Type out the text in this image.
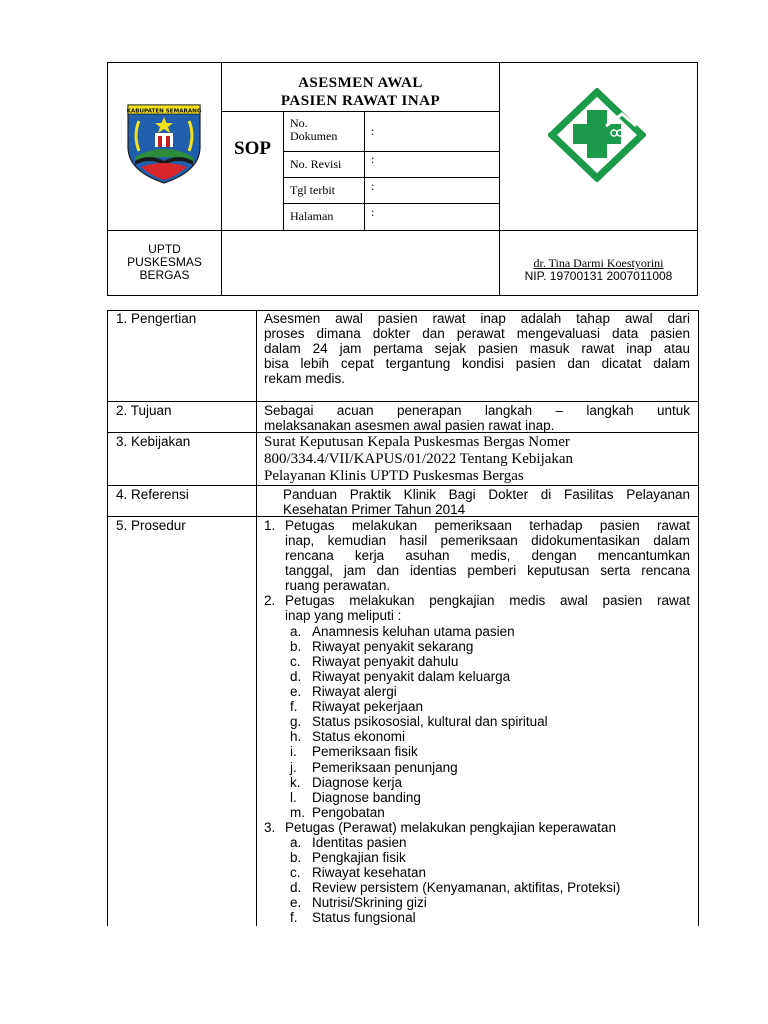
KABUPATEN SEMARANG
ASESMEN AWAL
PASIEN RAWAT INAP
SOP
No.
Dokumen	:
No. Revisi :
Tgl terbit	:
Halaman	:
UPTD
PUSKESMAS
BERGAS
dr. Tina Darmi Koestyorini
NIP. 19700131 2007011008
1. Pengertian	Asesmen awal pasien rawat inap adalah tahap awal dari
proses dimana dokter dan perawat mengevaluasi data pasien
dalam 24 jam pertama sejak pasien masuk rawat inap atau
bisa lebih cepat tergantung kondisi pasien dan dicatat dalam
rekam medis.
2. Tujuan	Sebagai acuan penerapan langkah – langkah untuk
melaksanakan asesmen awal pasien rawat inap.
3. Kebijakan	Surat Keputusan Kepala Puskesmas Bergas Nomer
800/334.4/VII/KAPUS/01/2022 Tentang Kebijakan
Pelayanan Klinis UPTD Puskesmas Bergas
4. Referensi	Panduan Praktik Klinik Bagi Dokter di Fasilitas Pelayanan
Kesehatan Primer Tahun 2014
5. Prosedur	1. Petugas melakukan pemeriksaan terhadap pasien rawat
inap, kemudian hasil pemeriksaan didokumentasikan dalam
rencana kerja asuhan medis, dengan mencantumkan
tanggal, jam dan identias pemberi keputusan serta rencana
ruang perawatan.
2. Petugas melakukan pengkajian medis awal pasien rawat
inap yang meliputi :
a. Anamnesis keluhan utama pasien
b. Riwayat penyakit sekarang
c. Riwayat penyakit dahulu
d. Riwayat penyakit dalam keluarga
e. Riwayat alergi
f. Riwayat pekerjaan
g. Status psikososial, kultural dan spiritual
h. Status ekonomi
i. Pemeriksaan fisik
j. Pemeriksaan penunjang
k. Diagnose kerja
l. Diagnose banding
m. Pengobatan
3. Petugas (Perawat) melakukan pengkajian keperawatan
a. Identitas pasien
b. Pengkajian fisik
c. Riwayat kesehatan
d. Review persistem (Kenyamanan, aktifitas, Proteksi)
e. Nutrisi/Skrining gizi
f. Status fungsional
